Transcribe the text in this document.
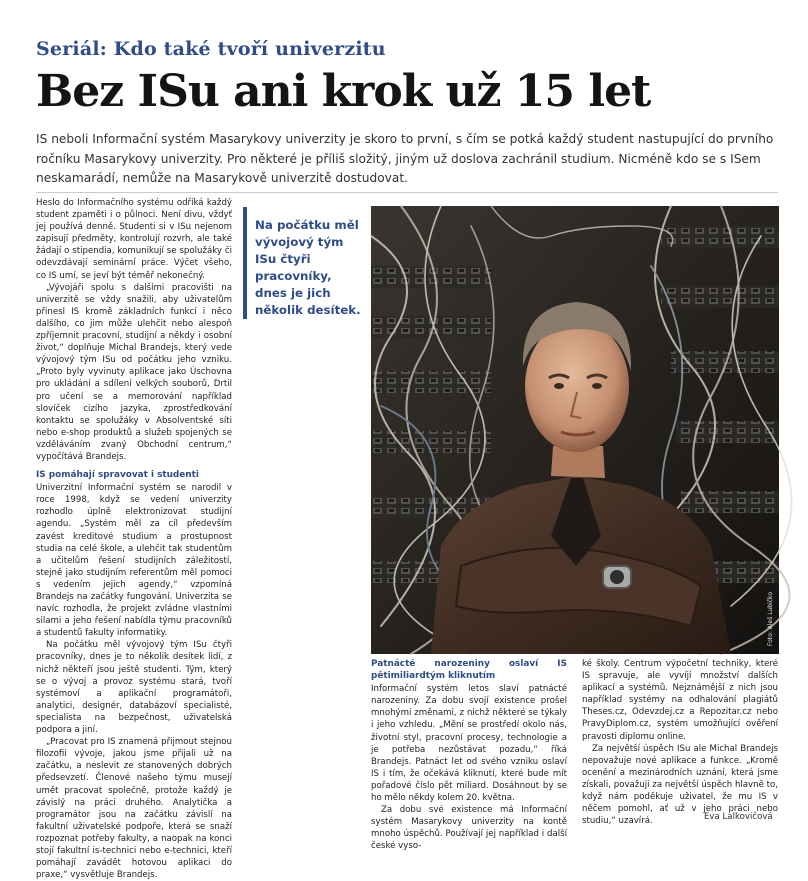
Seriál: Kdo také tvoří univerzitu
Bez ISu ani krok už 15 let

IS neboli Informační systém Masarykovy univerzity je skoro to první, s čím se potká každý student nastupující do prvního ročníku Masarykovy univerzity. Pro některé je příliš složitý, jiným už doslova zachránil studium. Nicméně kdo se s ISem neskamarádí, nemůže na Masarykově univerzitě dostudovat.

Heslo do Informačního systému odříká každý student zpaměti i o půlnoci. Není divu, vždyť jej používá denně. Studenti si v ISu nejenom zapisují předměty, kontrolují rozvrh, ale také žádají o stipendia, komunikují se spolužáky či odevzdávají seminární práce. Výčet všeho, co IS umí, se jeví být téměř nekonečný.

„Vývojáři spolu s dalšími pracovišti na univerzitě se vždy snažili, aby uživatelům přinesl IS kromě základních funkcí i něco dalšího, co jim může ulehčit nebo alespoň zpříjemnit pracovní, studijní a někdy i osobní život,“ doplňuje Michal Brandejs, který vede vývojový tým ISu od počátku jeho vzniku. „Proto byly vyvinuty aplikace jako Úschovna pro ukládání a sdílení velkých souborů, Drtil pro učení se a memorování například slovíček cizího jazyka, zprostředkování kontaktu se spolužáky v Absolventské síti nebo e-shop produktů a služeb spojených se vzděláváním zvaný Obchodní centrum,“ vypočítává Brandejs.

IS pomáhají spravovat i studenti

Univerzitní Informační systém se narodil v roce 1998, když se vedení univerzity rozhodlo úplně elektronizovat studijní agendu. „Systém měl za cíl především zavést kreditové studium a prostupnost studia na celé škole, a ulehčit tak studentům a učitelům řešení studijních záležitostí, stejně jako studijním referentům měl pomoci s vedením jejich agendy,“ vzpomíná Brandejs na začátky fungování. Univerzita se navíc rozhodla, že projekt zvládne vlastními silami a jeho řešení nabídla týmu pracovníků a studentů fakulty informatiky.

Na počátku měl vývojový tým ISu čtyři pracovníky, dnes je to několik desítek lidí, z nichž někteří jsou ještě studenti. Tým, který se o vývoj a provoz systému stará, tvoří systémoví a aplikační programátoři, analytici, designér, databázoví specialisté, specialista na bezpečnost, uživatelská podpora a jiní.

„Pracovat pro IS znamená přijmout stejnou filozofii vývoje, jakou jsme přijali už na začátku, a neslevit ze stanovených dobrých předsevzetí. Členové našeho týmu musejí umět pracovat společně, protože každý je závislý na práci druhého. Analytička a programátor jsou na začátku závislí na fakultní uživatelské podpoře, která se snaží rozpoznat potřeby fakulty, a naopak na konci stojí fakultní is-technici nebo e-technici, kteří pomáhají zavádět hotovou aplikaci do praxe,“ vysvětluje Brandejs.

Na počátku měl vývojový tým ISu čtyři pracovníky, dnes je jich několik desítek.
Foto: Aleš Lubičko

Patnácté narozeniny oslaví IS pětimiliardtým kliknutím

Informační systém letos slaví patnácté narozeniny. Za dobu svojí existence prošel mnohými změnami, z nichž některé se týkaly i jeho vzhledu. „Mění se prostředí okolo nás, životní styl, pracovní procesy, technologie a je potřeba nezůstávat pozadu,“ říká Brandejs. Patnáct let od svého vzniku oslaví IS i tím, že očekává kliknutí, které bude mít pořadové číslo pět miliard. Dosáhnout by se ho mělo někdy kolem 20. května.

Za dobu své existence má Informační systém Masarykovy univerzity na kontě mnoho úspěchů. Používají jej například i další české vyso-

ké školy. Centrum výpočetní techniky, které IS spravuje, ale vyvíjí množství dalších aplikací a systémů. Nejznámější z nich jsou například systémy na odhalování plagiátů Theses.cz, Odevzdej.cz a Repozitar.cz nebo PravyDiplom.cz, systém umožňující ověření pravosti diplomu online.

Za největší úspěch ISu ale Michal Brandejs nepovažuje nové aplikace a funkce. „Kromě ocenění a mezinárodních uznání, která jsme získali, považuji za největší úspěch hlavně to, když nám poděkuje uživatel, že mu IS v něčem pomohl, ať už v jeho práci nebo studiu,“ uzavírá.	Eva Lalkovičová
